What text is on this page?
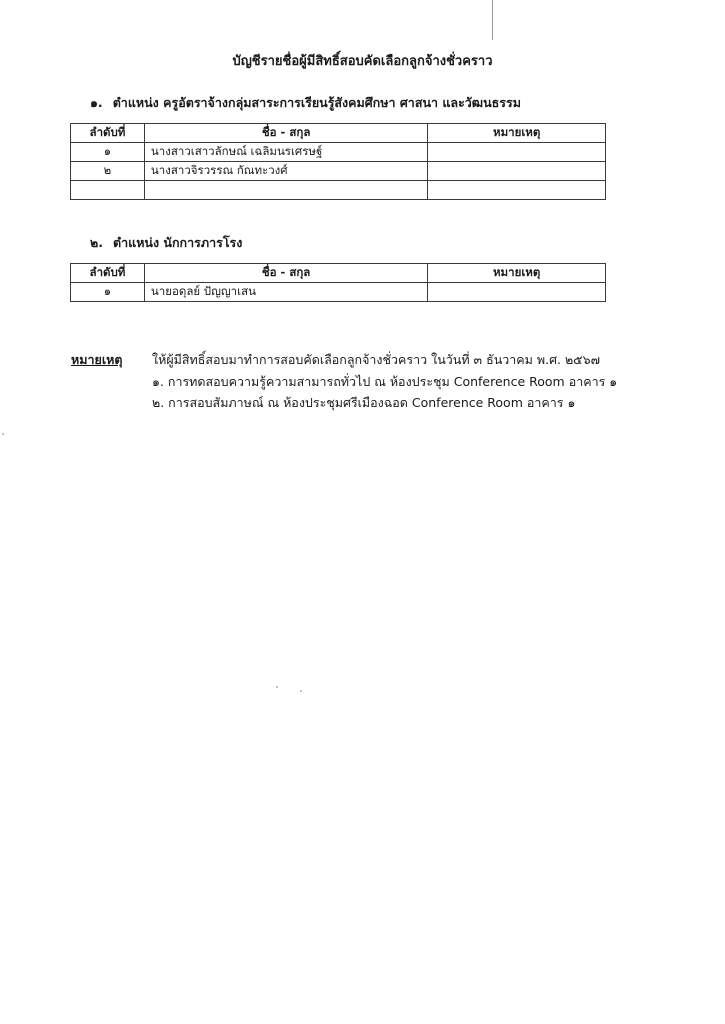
บัญชีรายชื่อผู้มีสิทธิ์สอบคัดเลือกลูกจ้างชั่วคราว
๑. ตำแหน่ง ครูอัตราจ้างกลุ่มสาระการเรียนรู้สังคมศึกษา ศาสนา และวัฒนธรรม
ลำดับที่	ชื่อ - สกุล	หมายเหตุ
๑	นางสาวเสาวลักษณ์ เฉลิมนรเศรษฐ์	
๒	นางสาวจิรวรรณ กัณทะวงศ์	

๒. ตำแหน่ง นักการภารโรง
ลำดับที่	ชื่อ - สกุล	หมายเหตุ
๑	นายอดุลย์ ปัญญาเสน	
หมายเหตุ ให้ผู้มีสิทธิ์สอบมาทำการสอบคัดเลือกลูกจ้างชั่วคราว ในวันที่ ๓ ธันวาคม พ.ศ. ๒๕๖๗
๑. การทดสอบความรู้ความสามารถทั่วไป ณ ห้องประชุม Conference Room อาคาร ๑
๒. การสอบสัมภาษณ์ ณ ห้องประชุมศรีเมืองฉอด Conference Room อาคาร ๑
